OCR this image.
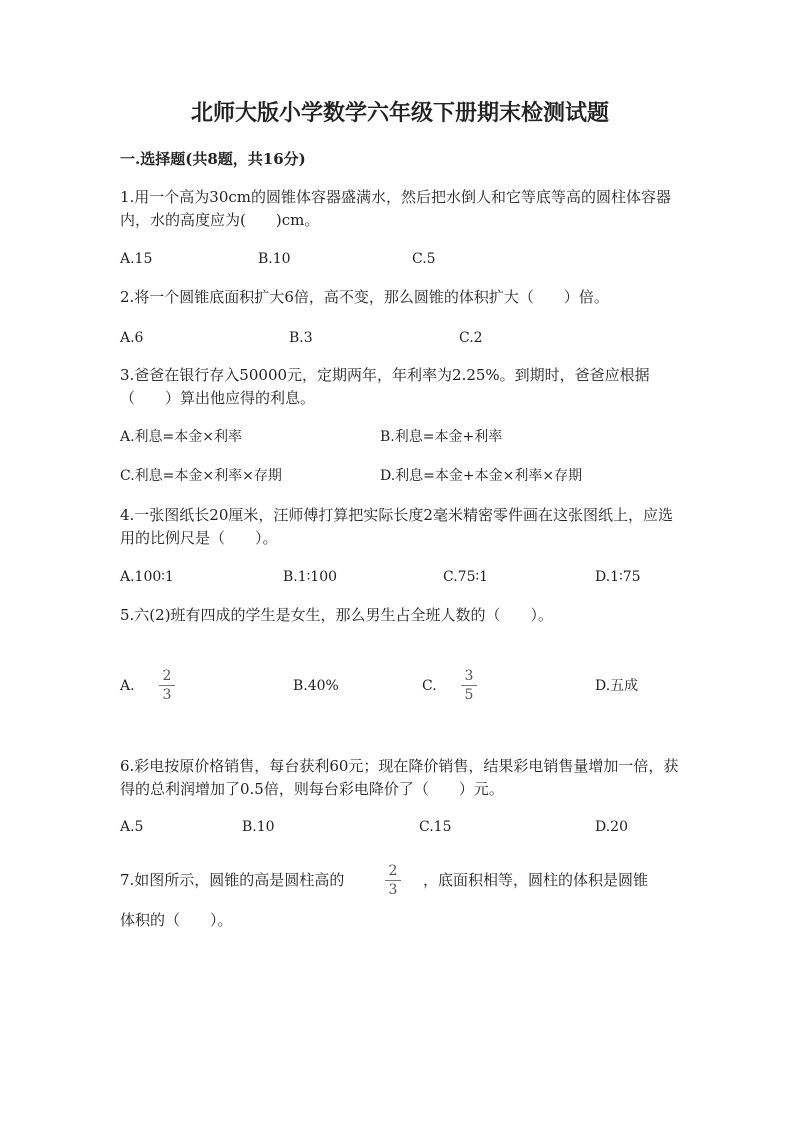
北师大版小学数学六年级下册期末检测试题
一.选择题(共8题，共16分)
1.用一个高为30cm的圆锥体容器盛满水，然后把水倒人和它等底等高的圆柱体容器内，水的高度应为(　　)cm。
A.15	B.10	C.5
2.将一个圆锥底面积扩大6倍，高不变，那么圆锥的体积扩大（　　）倍。
A.6	B.3	C.2
3.爸爸在银行存入50000元，定期两年，年利率为2.25%。到期时，爸爸应根据（　　）算出他应得的利息。
A.利息=本金×利率	B.利息=本金+利率
C.利息=本金×利率×存期	D.利息=本金+本金×利率×存期
4.一张图纸长20厘米，汪师傅打算把实际长度2毫米精密零件画在这张图纸上，应选用的比例尺是（　　）。
A.100∶1	B.1∶100	C.75∶1	D.1∶75
5.六(2)班有四成的学生是女生，那么男生占全班人数的（　　）。
A.
2
3
B.40%	C.
3
5
D.五成
6.彩电按原价格销售，每台获利60元；现在降价销售，结果彩电销售量增加一倍，获得的总利润增加了0.5倍，则每台彩电降价了（　　）元。
A.5	B.10	C.15	D.20
7.如图所示，圆锥的高是圆柱高的	2
3
，底面积相等，圆柱的体积是圆锥
体积的（　　）。
